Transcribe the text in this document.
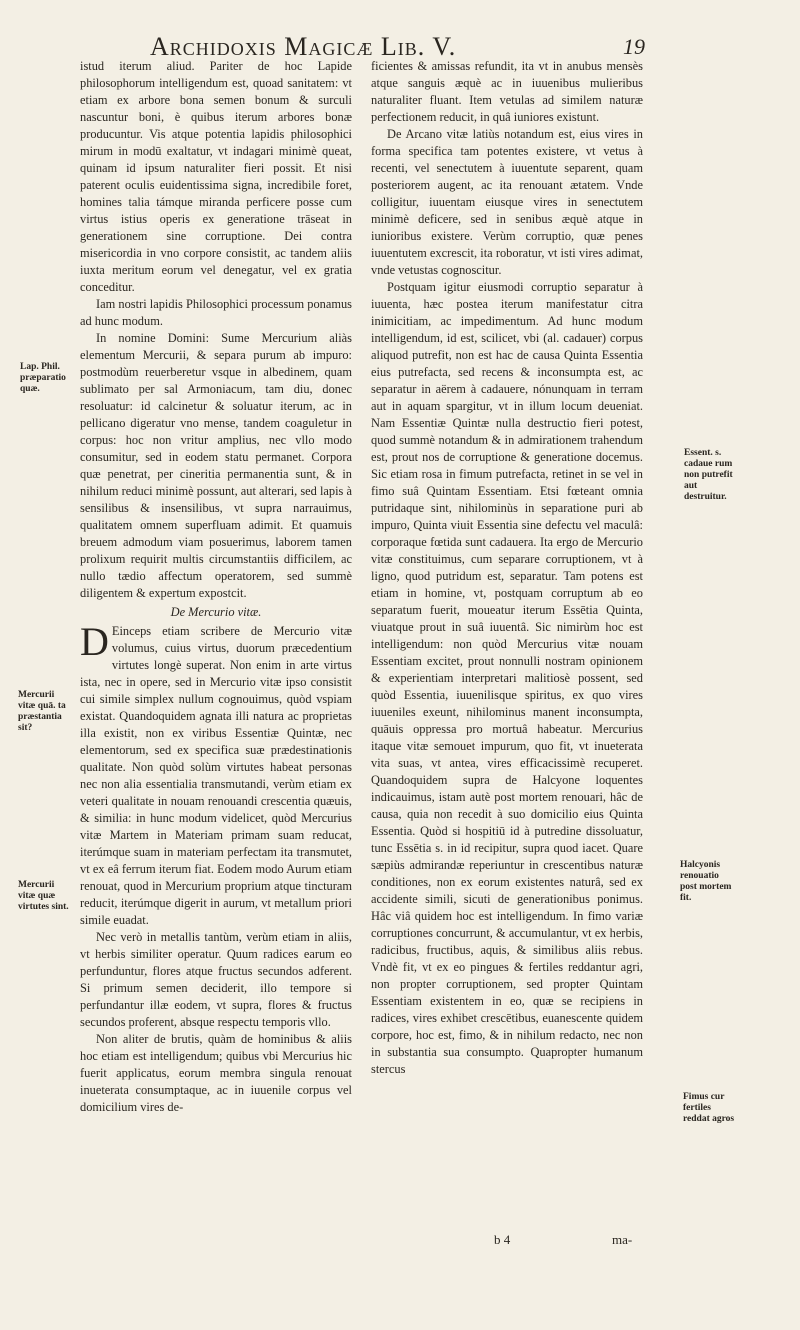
Archidoxis Magicæ Lib. V.	19

istud iterum aliud. Pariter de hoc Lapide philosophorum intelligendum est, quoad sanitatem: vt etiam ex arbore bona semen bonum & surculi nascuntur boni, è quibus iterum arbores bonæ producuntur. Vis atque potentia lapidis philosophici mirum in modū exaltatur, vt indagari minimè queat, quinam id ipsum naturaliter fieri possit. Et nisi paterent oculis euidentissima signa, incredibile foret, homines talia támque miranda perficere posse cum virtus istius operis ex generatione trāseat in generationem sine corruptione. Dei contra misericordia in vno corpore consistit, ac tandem aliis iuxta meritum eorum vel denegatur, vel ex gratia conceditur.

Iam nostri lapidis Philosophici processum ponamus ad hunc modum.

In nomine Domini: Sume Mercurium aliàs elementum Mercurii, & separa purum ab impuro: postmodùm reuerberetur vsque in albedinem, quam sublimato per sal Armoniacum, tam diu, donec resoluatur: id calcinetur & soluatur iterum, ac in pellicano digeratur vno mense, tandem coaguletur in corpus: hoc non vritur amplius, nec vllo modo consumitur, sed in eodem statu permanet. Corpora quæ penetrat, per cineritia permanentia sunt, & in nihilum reduci minimè possunt, aut alterari, sed lapis à sensilibus & insensilibus, vt supra narrauimus, qualitatem omnem superfluam adimit. Et quamuis breuem admodum viam posuerimus, laborem tamen prolixum requirit multis circumstantiis difficilem, ac nullo tædio affectum operatorem, sed summè diligentem & expertum expostcit.

De Mercurio vitæ.

DEinceps etiam scribere de Mercurio vitæ volumus, cuius virtus, duorum præcedentium virtutes longè superat. Non enim in arte virtus ista, nec in opere, sed in Mercurio vitæ ipso consistit cui simile simplex nullum cognouimus, quòd vspiam existat. Quandoquidem agnata illi natura ac proprietas illa existit, non ex viribus Essentiæ Quintæ, nec elementorum, sed ex specifica suæ prædestinationis qualitate. Non quòd solùm virtutes habeat personas nec non alia essentialia transmutandi, verùm etiam ex veteri qualitate in nouam renouandi crescentia quæuis, & similia: in hunc modum videlicet, quòd Mercurius vitæ Martem in Materiam primam suam reducat, iterúmque suam in materiam perfectam ita transmutet, vt ex eâ ferrum iterum fiat. Eodem modo Aurum etiam renouat, quod in Mercurium proprium atque tincturam reducit, iterúmque digerit in aurum, vt metallum priori simile euadat.

Nec verò in metallis tantùm, verùm etiam in aliis, vt herbis similiter operatur. Quum radices earum eo perfunduntur, flores atque fructus secundos adferent. Si primum semen deciderit, illo tempore si perfundantur illæ eodem, vt supra, flores & fructus secundos proferent, absque respectu temporis vllo.

Non aliter de brutis, quàm de hominibus & aliis hoc etiam est intelligendum; quibus vbi Mercurius hic fuerit applicatus, eorum membra singula renouat inueterata consumptaque, ac in iuuenile corpus vel domicilium vires de-

ficientes & amissas refundit, ita vt in anubus mensès atque sanguis æquè ac in iuuenibus mulieribus naturaliter fluant. Item vetulas ad similem naturæ perfectionem reducit, in quâ iuniores existunt.

De Arcano vitæ latiùs notandum est, eius vires in forma specifica tam potentes existere, vt vetus à recenti, vel senectutem à iuuentute separent, quam posteriorem augent, ac ita renouant ætatem. Vnde colligitur, iuuentam eiusque vires in senectutem minimè deficere, sed in senibus æquè atque in iunioribus existere. Verùm corruptio, quæ penes iuuentutem excrescit, ita roboratur, vt isti vires adimat, vnde vetustas cognoscitur.

Postquam igitur eiusmodi corruptio separatur à iuuenta, hæc postea iterum manifestatur citra inimicitiam, ac impedimentum. Ad hunc modum intelligendum, id est, scilicet, vbi (al. cadauer) corpus aliquod putrefit, non est hac de causa Quinta Essentia eius putrefacta, sed recens & inconsumpta est, ac separatur in aërem à cadauere, nónunquam in terram aut in aquam spargitur, vt in illum locum deueniat. Nam Essentiæ Quintæ nulla destructio fieri potest, quod summè notandum & in admirationem trahendum est, prout nos de corruptione & generatione docemus. Sic etiam rosa in fimum putrefacta, retinet in se vel in fimo suâ Quintam Essentiam. Etsi fœteant omnia putridaque sint, nihilominùs in separatione puri ab impuro, Quinta viuit Essentia sine defectu vel maculâ: corporaque fœtida sunt cadauera. Ita ergo de Mercurio vitæ constituimus, cum separare corruptionem, vt à ligno, quod putridum est, separatur. Tam potens est etiam in homine, vt, postquam corruptum ab eo separatum fuerit, moueatur iterum Essētia Quinta, viuatque prout in suâ iuuentâ. Sic nimirùm hoc est intelligendum: non quòd Mercurius vitæ nouam Essentiam excitet, prout nonnulli nostram opinionem & experientiam interpretari malitiosè possent, sed quòd Essentia, iuuenilisque spiritus, ex quo vires iuueniles exeunt, nihilominus manent inconsumpta, quāuis oppressa pro mortuâ habeatur. Mercurius itaque vitæ semouet impurum, quo fit, vt inueterata vita suas, vt antea, vires efficacissimè recuperet. Quandoquidem supra de Halcyone loquentes indicauimus, istam autè post mortem renouari, hâc de causa, quia non recedit à suo domicilio eius Quinta Essentia. Quòd si hospitiū id à putredine dissoluatur, tunc Essētia s. in id recipitur, supra quod iacet. Quare sæpiùs admirandæ reperiuntur in crescentibus naturæ conditiones, non ex eorum existentes naturâ, sed ex accidente simili, sicuti de generationibus ponimus. Hâc viâ quidem hoc est intelligendum. In fimo variæ corruptiones concurrunt, & accumulantur, vt ex herbis, radicibus, fructibus, aquis, & similibus aliis rebus. Vndè fit, vt ex eo pingues & fertiles reddantur agri, non propter corruptionem, sed propter Quintam Essentiam existentem in eo, quæ se recipiens in radices, vires exhibet crescētibus, euanescente quidem corpore, hoc est, fimo, & in nihilum redacto, nec non in substantia sua consumpto. Quapropter humanum stercus

Lap. Phil. præparatio quæ.
Mercurii vitæ quā. ta præstantia sit?
Mercurii vitæ quæ virtutes sint.
Essent. s. cadaue rum non putrefit aut destruitur.
Halcyonis renouatio post mortem fit.
Fimus cur fertiles reddat agros
b 4	ma-
